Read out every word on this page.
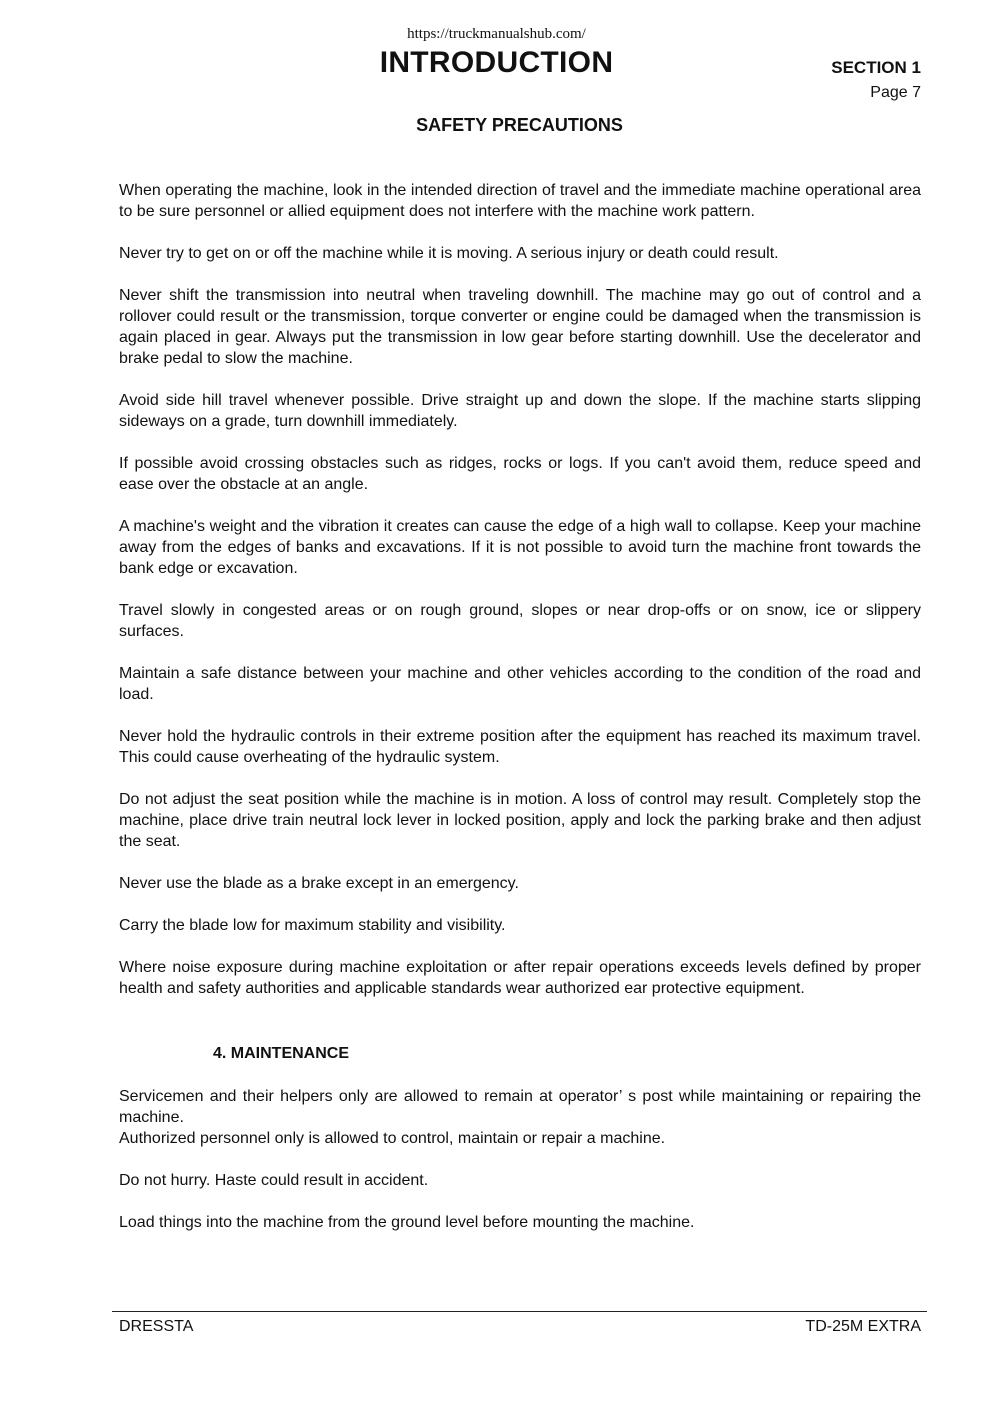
https://truckmanualshub.com/
INTRODUCTION	SECTION 1
Page 7
SAFETY PRECAUTIONS

When operating the machine, look in the intended direction of travel and the immediate machine operational area to be sure personnel or allied equipment does not interfere with the machine work pattern.

Never try to get on or off the machine while it is moving. A serious injury or death could result.

Never shift the transmission into neutral when traveling downhill. The machine may go out of control and a rollover could result or the transmission, torque converter or engine could be damaged when the transmission is again placed in gear. Always put the transmission in low gear before starting downhill. Use the decelerator and brake pedal to slow the machine.

Avoid side hill travel whenever possible. Drive straight up and down the slope. If the machine starts slipping sideways on a grade, turn downhill immediately.

If possible avoid crossing obstacles such as ridges, rocks or logs. If you can't avoid them, reduce speed and ease over the obstacle at an angle.

A machine's weight and the vibration it creates can cause the edge of a high wall to collapse. Keep your machine away from the edges of banks and excavations. If it is not possible to avoid turn the machine front towards the bank edge or excavation.

Travel slowly in congested areas or on rough ground, slopes or near drop-offs or on snow, ice or slippery surfaces.

Maintain a safe distance between your machine and other vehicles according to the condition of the road and load.

Never hold the hydraulic controls in their extreme position after the equipment has reached its maximum travel. This could cause overheating of the hydraulic system.

Do not adjust the seat position while the machine is in motion. A loss of control may result. Completely stop the machine, place drive train neutral lock lever in locked position, apply and lock the parking brake and then adjust the seat.

Never use the blade as a brake except in an emergency.

Carry the blade low for maximum stability and visibility.

Where noise exposure during machine exploitation or after repair operations exceeds levels defined by proper health and safety authorities and applicable standards wear authorized ear protective equipment.

4. MAINTENANCE

Servicemen and their helpers only are allowed to remain at operator’ s post while maintaining or repairing the machine.

Authorized personnel only is allowed to control, maintain or repair a machine.

Do not hurry. Haste could result in accident.

Load things into the machine from the ground level before mounting the machine.

DRESSTA	TD-25M EXTRA
